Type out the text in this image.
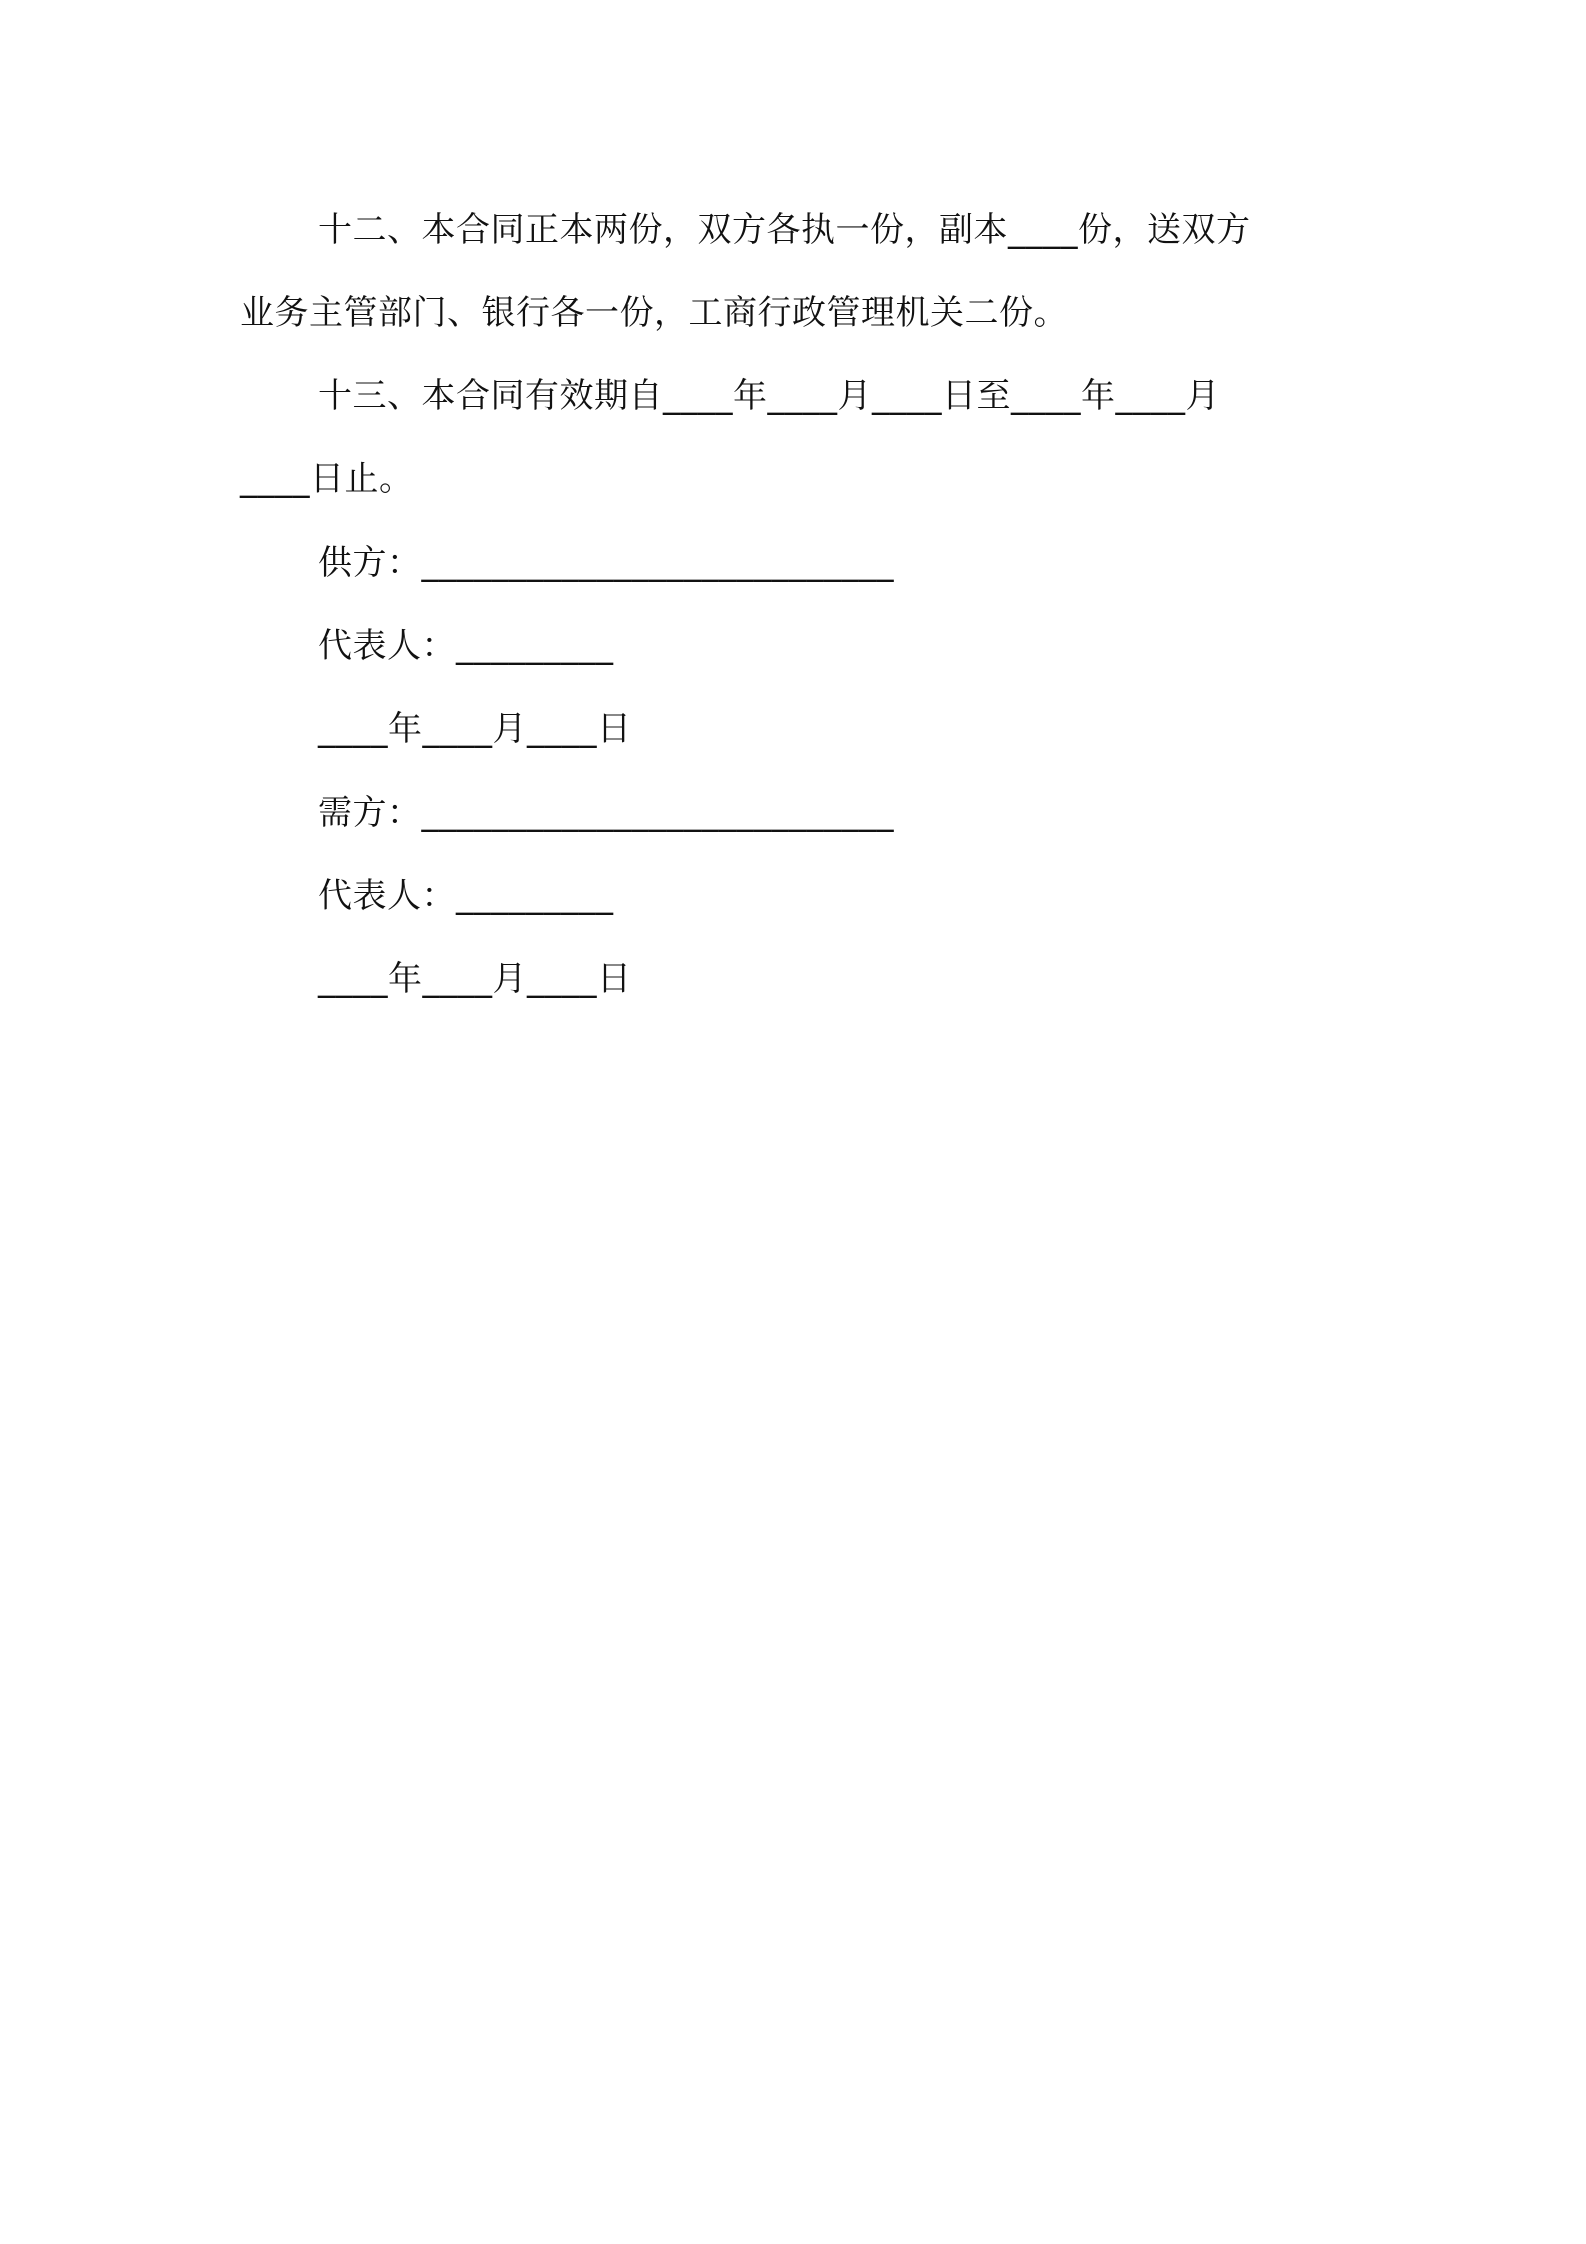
十二、本合同正本两份，双方各执一份，副本____份，送双方
业务主管部门、银行各一份，工商行政管理机关二份。
十三、本合同有效期自____年____月____日至____年____月
____日止。
供方：___________________________
代表人：_________
____年____月____日
需方：___________________________
代表人：_________
____年____月____日
